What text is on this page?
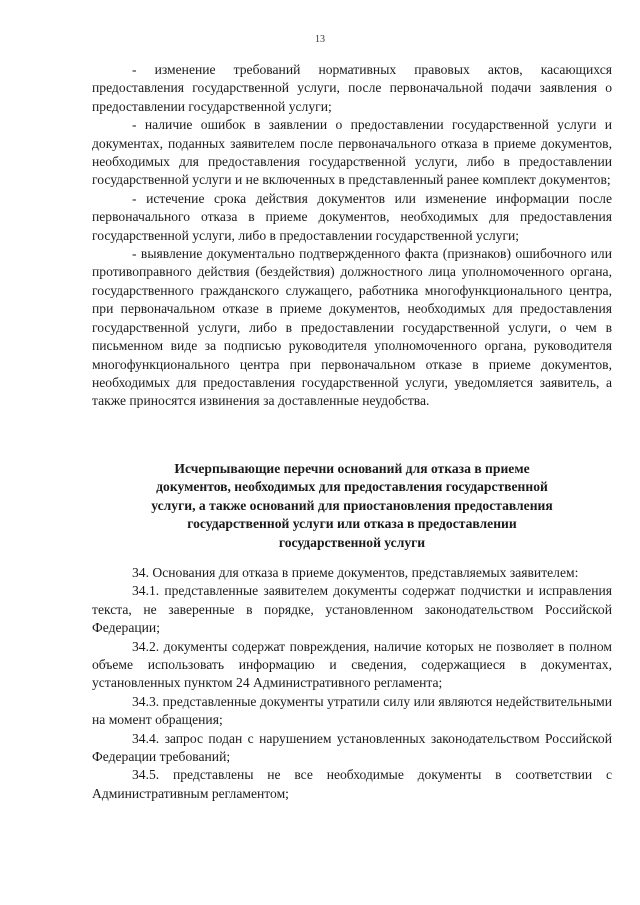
13

- изменение требований нормативных правовых актов, касающихся предоставления государственной услуги, после первоначальной подачи заявления о предоставлении государственной услуги;

- наличие ошибок в заявлении о предоставлении государственной услуги и документах, поданных заявителем после первоначального отказа в приеме документов, необходимых для предоставления государственной услуги, либо в предоставлении государственной услуги и не включенных в представленный ранее комплект документов;

- истечение срока действия документов или изменение информации после первоначального отказа в приеме документов, необходимых для предоставления государственной услуги, либо в предоставлении государственной услуги;

- выявление документально подтвержденного факта (признаков) ошибочного или противоправного действия (бездействия) должностного лица уполномоченного органа, государственного гражданского служащего, работника многофункционального центра, при первоначальном отказе в приеме документов, необходимых для предоставления государственной услуги, либо в предоставлении государственной услуги, о чем в письменном виде за подписью руководителя уполномоченного органа, руководителя многофункционального центра при первоначальном отказе в приеме документов, необходимых для предоставления государственной услуги, уведомляется заявитель, а также приносятся извинения за доставленные неудобства.

Исчерпывающие перечни оснований для отказа в приеме
документов, необходимых для предоставления государственной
услуги, а также оснований для приостановления предоставления
государственной услуги или отказа в предоставлении
государственной услуги

34. Основания для отказа в приеме документов, представляемых заявителем:

34.1. представленные заявителем документы содержат подчистки и исправления текста, не заверенные в порядке, установленном законодательством Российской Федерации;

34.2. документы содержат повреждения, наличие которых не позволяет в полном объеме использовать информацию и сведения, содержащиеся в документах, установленных пунктом 24 Административного регламента;

34.3. представленные документы утратили силу или являются недействительными на момент обращения;

34.4. запрос подан с нарушением установленных законодательством Российской Федерации требований;

34.5. представлены не все необходимые документы в соответствии с Административным регламентом;
